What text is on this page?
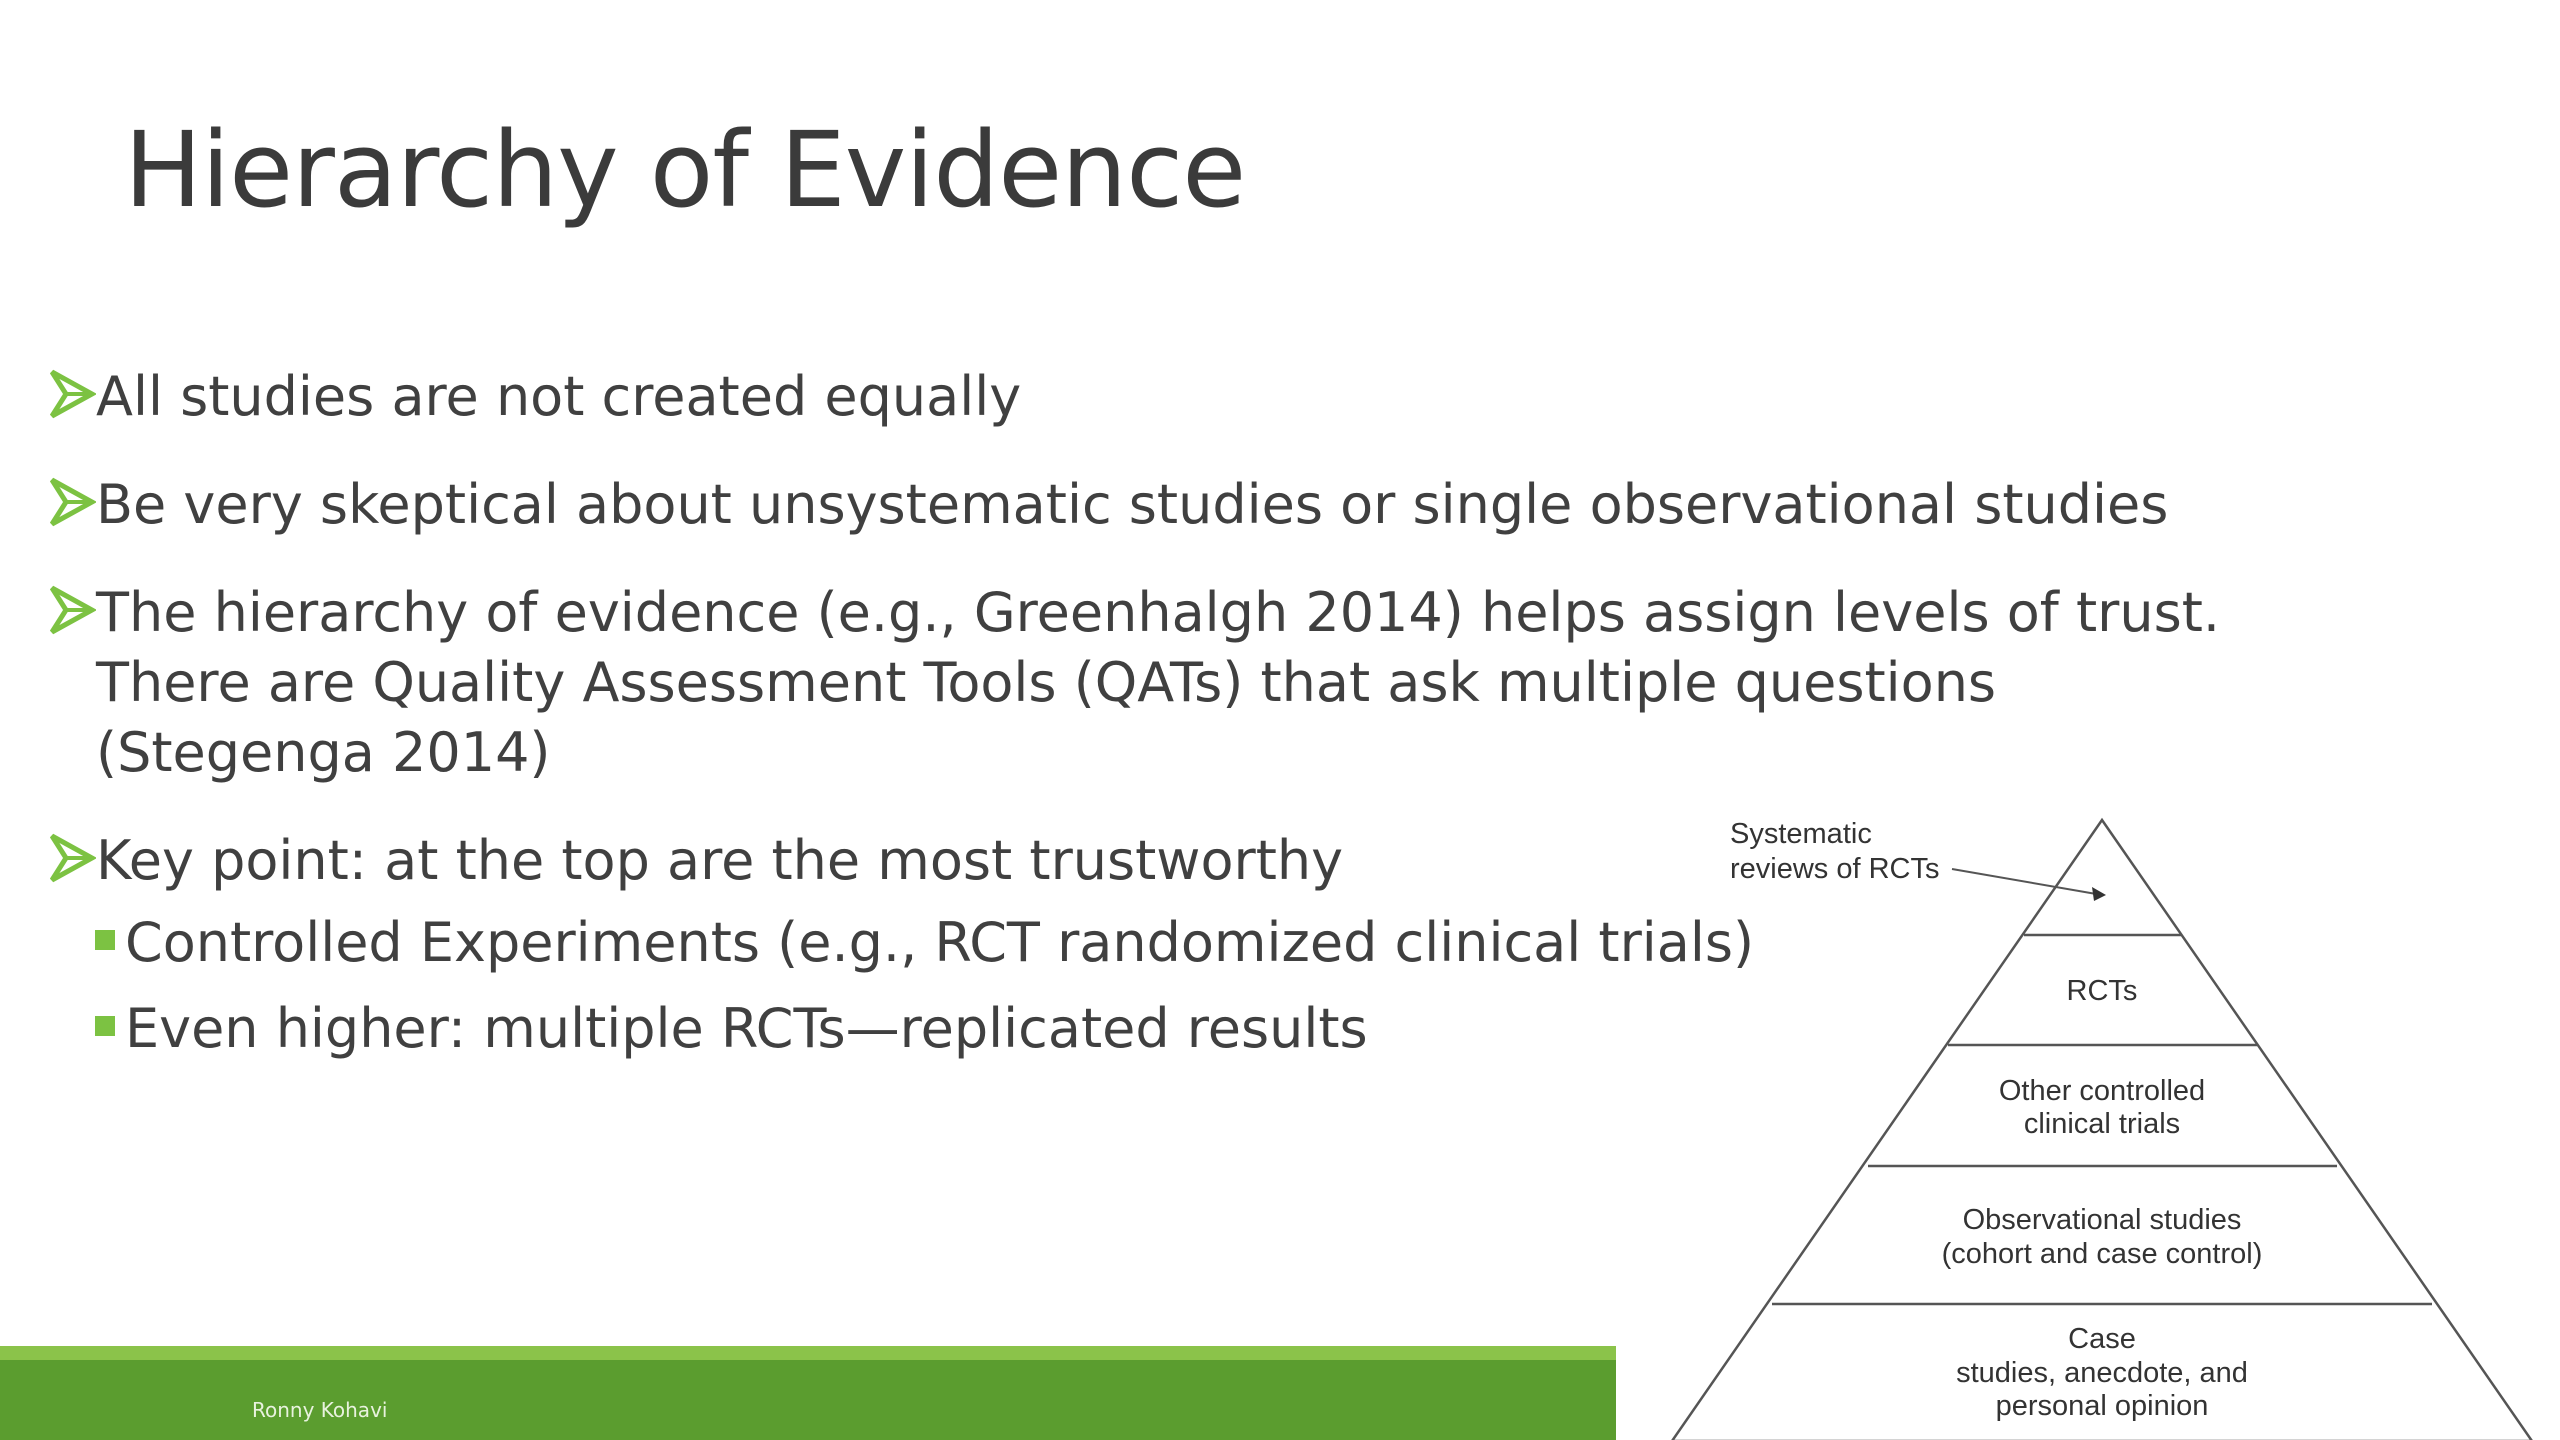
Hierarchy of Evidence
All studies are not created equally
Be very skeptical about unsystematic studies or single observational studies
The hierarchy of evidence (e.g., Greenhalgh 2014) helps assign levels of trust. There are Quality Assessment Tools (QATs) that ask multiple questions (Stegenga 2014)
Key point: at the top are the most trustworthy
Controlled Experiments (e.g., RCT randomized clinical trials)
Even higher: multiple RCTs—replicated results
Systematic
reviews of RCTs
RCTs
Other controlled
clinical trials
Observational studies
(cohort and case control)
Case
studies, anecdote, and
personal opinion
Ronny Kohavi
